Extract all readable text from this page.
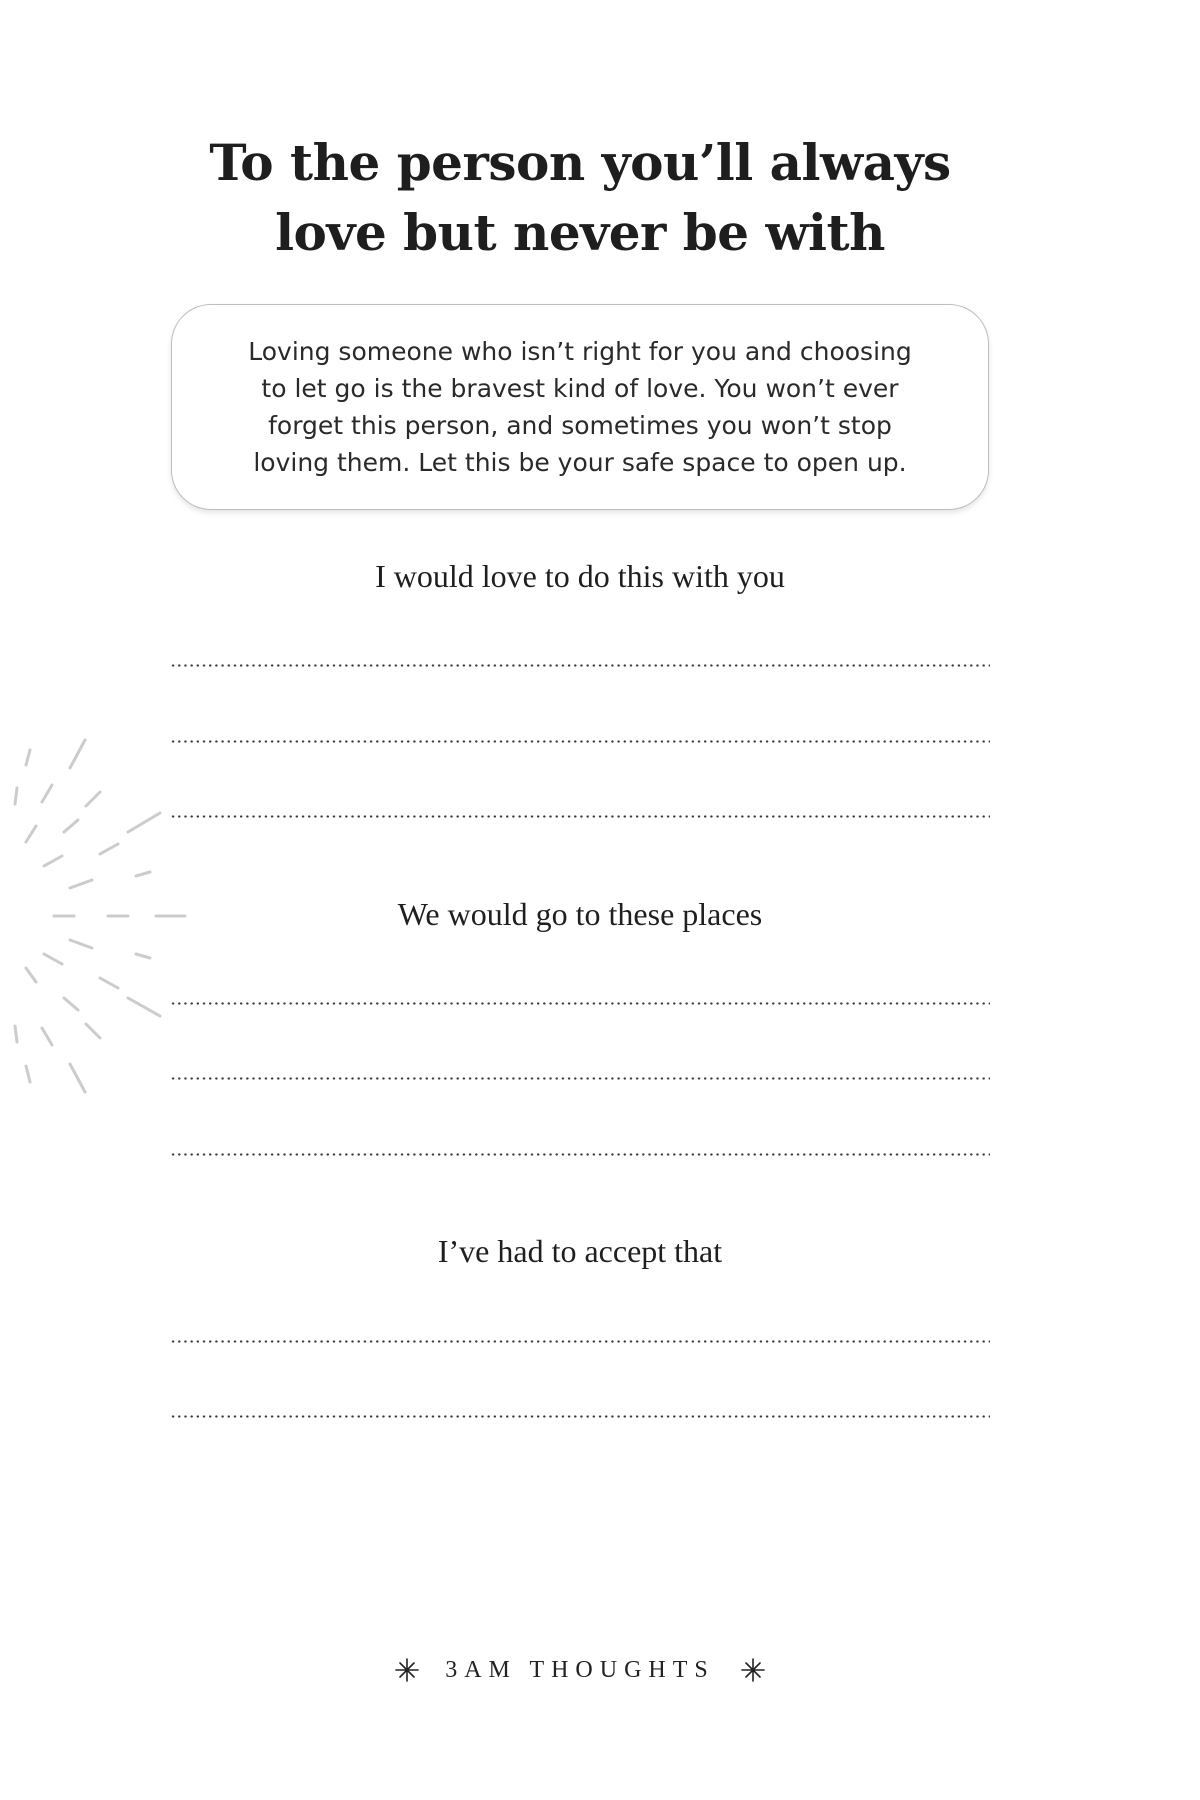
To the person you’ll always
love but never be with

Loving someone who isn’t right for you and choosing
to let go is the bravest kind of love. You won’t ever
forget this person, and sometimes you won’t stop
loving them. Let this be your safe space to open up.

I would love to do this with you

We would go to these places

I’ve had to accept that

3AM THOUGHTS
